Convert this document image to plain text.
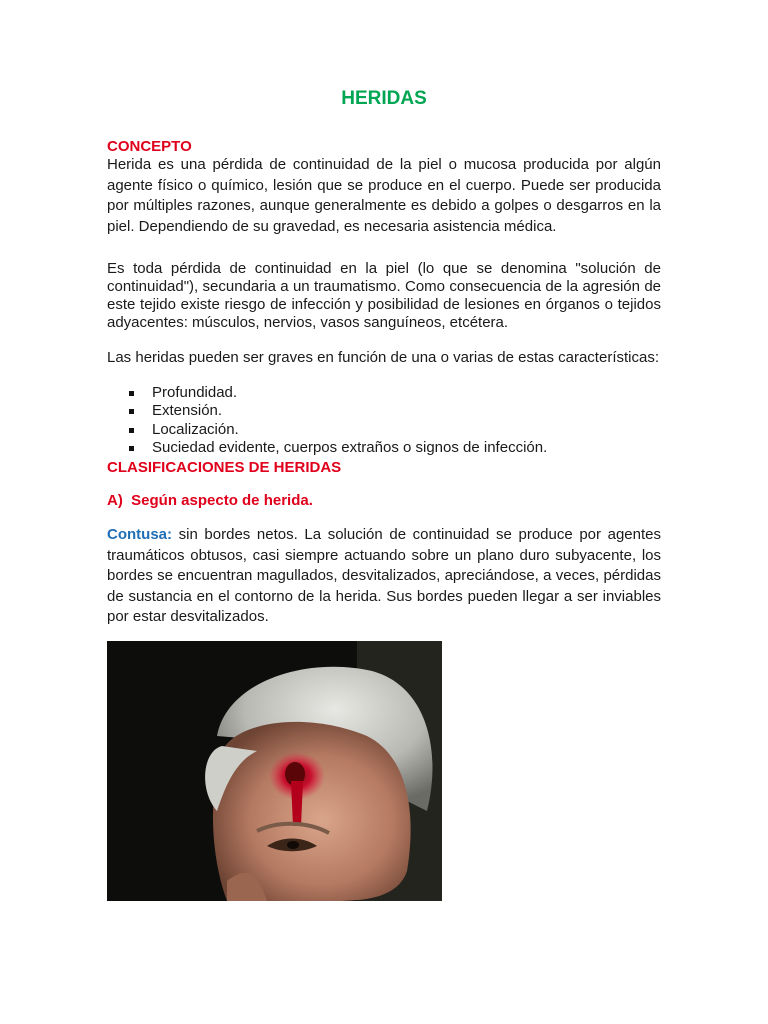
HERIDAS

CONCEPTO

Herida es una pérdida de continuidad de la piel o mucosa producida por algún agente físico o químico, lesión que se produce en el cuerpo. Puede ser producida por múltiples razones, aunque generalmente es debido a golpes o desgarros en la piel. Dependiendo de su gravedad, es necesaria asistencia médica.

Es toda pérdida de continuidad en la piel (lo que se denomina "solución de continuidad"), secundaria a un traumatismo. Como consecuencia de la agresión de este tejido existe riesgo de infección y posibilidad de lesiones en órganos o tejidos adyacentes: músculos, nervios, vasos sanguíneos, etcétera.

Las heridas pueden ser graves en función de una o varias de estas características:

Profundidad.
Extensión.
Localización.
Suciedad evidente, cuerpos extraños o signos de infección.

CLASIFICACIONES DE HERIDAS

A)  Según aspecto de herida.

Contusa: sin bordes netos. La solución de continuidad se produce por agentes traumáticos obtusos, casi siempre actuando sobre un plano duro subyacente, los bordes se encuentran magullados, desvitalizados, apreciándose, a veces, pérdidas de sustancia en el contorno de la herida. Sus bordes pueden llegar a ser inviables por estar desvitalizados.
